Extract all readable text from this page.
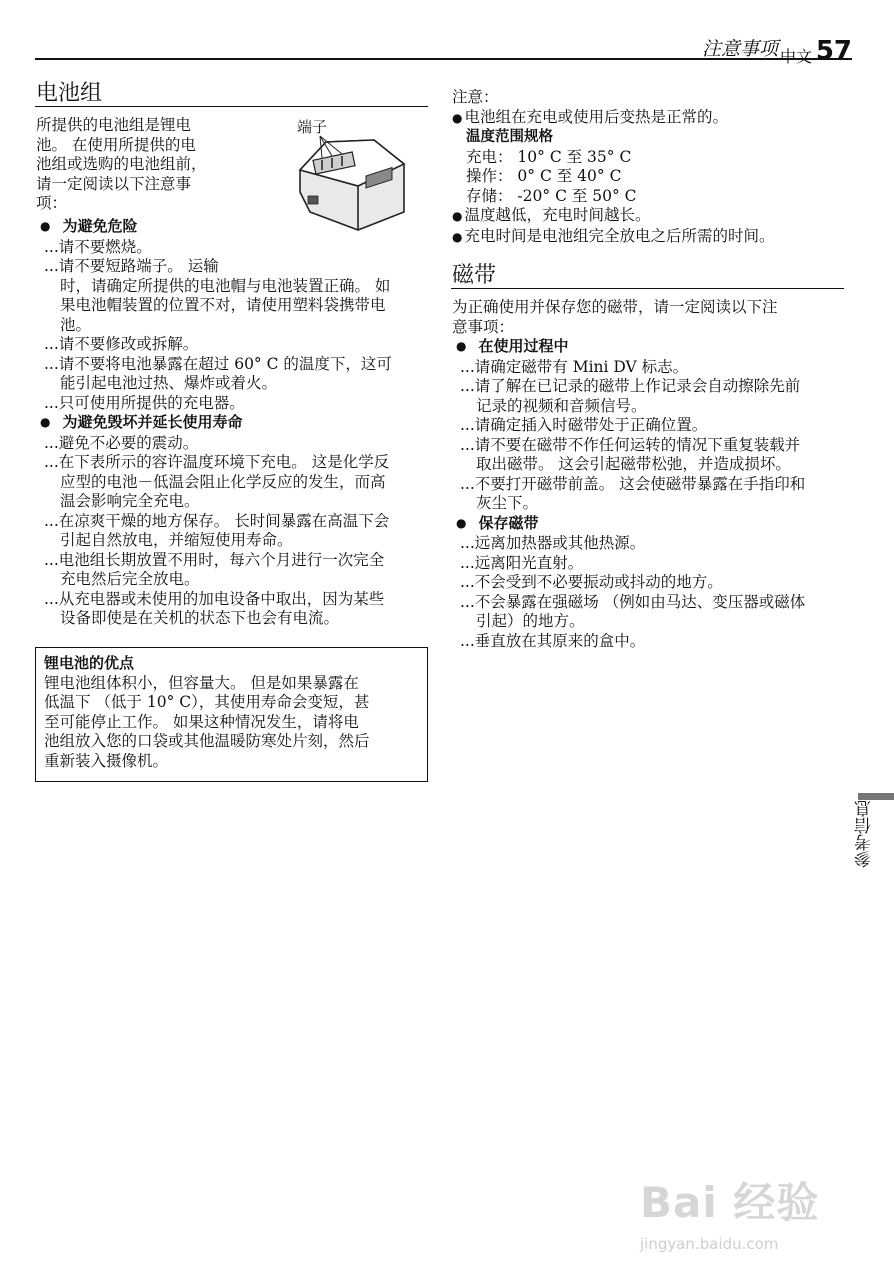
注意事项 中文 57
电池组

所提供的电池组是锂电

池。 在使用所提供的电

池组或选购的电池组前，

请一定阅读以下注意事

项：

端子

● 为避免危险

...请不要燃烧。

...请不要短路端子。 运输

时，请确定所提供的电池帽与电池装置正确。 如

果电池帽装置的位置不对，请使用塑料袋携带电

池。

...请不要修改或拆解。

...请不要将电池暴露在超过 60° C 的温度下，这可

能引起电池过热、爆炸或着火。

...只可使用所提供的充电器。

● 为避免毁坏并延长使用寿命

...避免不必要的震动。

...在下表所示的容许温度环境下充电。 这是化学反

应型的电池－低温会阻止化学反应的发生，而高

温会影响完全充电。

...在凉爽干燥的地方保存。 长时间暴露在高温下会

引起自然放电，并缩短使用寿命。

...电池组长期放置不用时，每六个月进行一次完全

充电然后完全放电。

...从充电器或未使用的加电设备中取出，因为某些

设备即使是在关机的状态下也会有电流。

锂电池的优点

锂电池组体积小，但容量大。 但是如果暴露在

低温下 （低于 10° C），其使用寿命会变短，甚

至可能停止工作。 如果这种情况发生，请将电

池组放入您的口袋或其他温暖防寒处片刻，然后

重新装入摄像机。

注意：

● 电池组在充电或使用后变热是正常的。

温度范围规格

充电： 10° C 至 35° C

操作： 0° C 至 40° C

存储： -20° C 至 50° C

● 温度越低，充电时间越长。

● 充电时间是电池组完全放电之后所需的时间。

磁带

为正确使用并保存您的磁带，请一定阅读以下注

意事项：

● 在使用过程中

...请确定磁带有 Mini DV 标志。

...请了解在已记录的磁带上作记录会自动擦除先前

记录的视频和音频信号。

...请确定插入时磁带处于正确位置。

...请不要在磁带不作任何运转的情况下重复装载并

取出磁带。 这会引起磁带松弛，并造成损坏。

...不要打开磁带前盖。 这会使磁带暴露在手指印和

灰尘下。

● 保存磁带

...远离加热器或其他热源。

...远离阳光直射。

...不会受到不必要振动或抖动的地方。

...不会暴露在强磁场 （例如由马达、变压器或磁体

引起）的地方。

...垂直放在其原来的盒中。

参考信息
Bai 经验
jingyan.baidu.com
